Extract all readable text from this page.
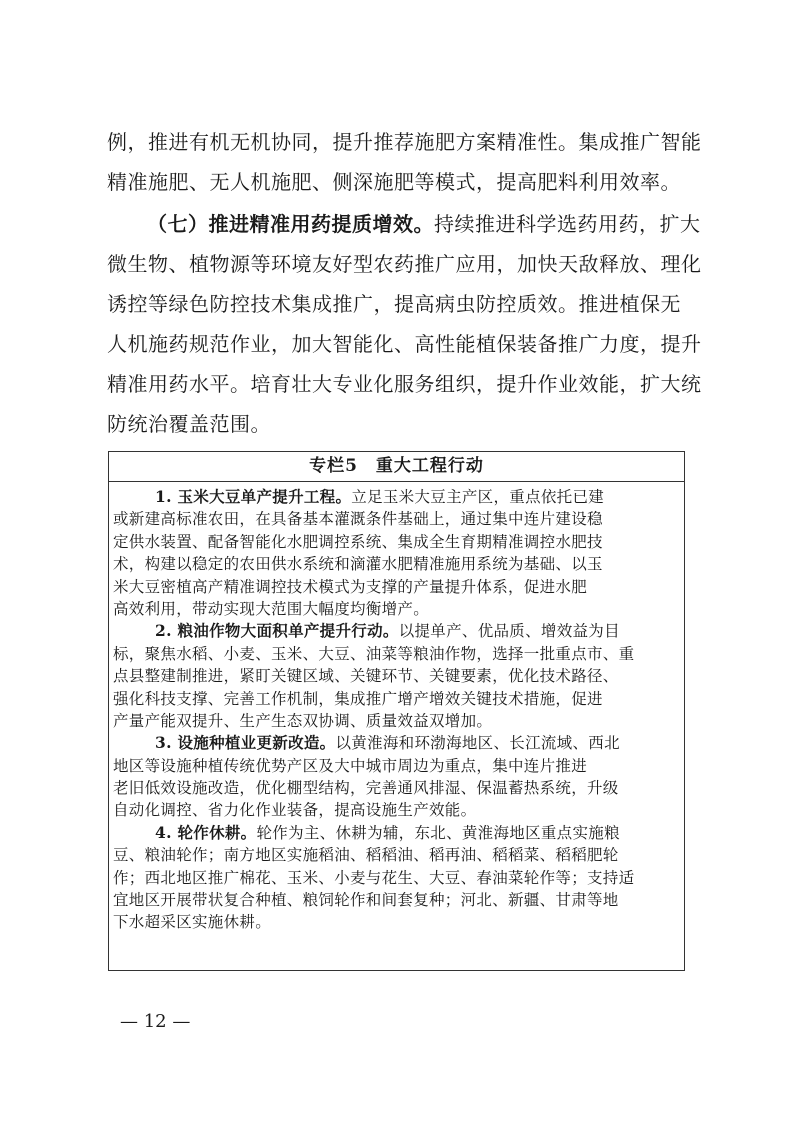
例，推进有机无机协同，提升推荐施肥方案精准性。集成推广智能
精准施肥、无人机施肥、侧深施肥等模式，提高肥料利用效率。
（七）推进精准用药提质增效。持续推进科学选药用药，扩大
微生物、植物源等环境友好型农药推广应用，加快天敌释放、理化
诱控等绿色防控技术集成推广，提高病虫防控质效。推进植保无
人机施药规范作业，加大智能化、高性能植保装备推广力度，提升
精准用药水平。培育壮大专业化服务组织，提升作业效能，扩大统
防统治覆盖范围。
专栏5　重大工程行动
1. 玉米大豆单产提升工程。立足玉米大豆主产区，重点依托已建
或新建高标准农田，在具备基本灌溉条件基础上，通过集中连片建设稳
定供水装置、配备智能化水肥调控系统、集成全生育期精准调控水肥技
术，构建以稳定的农田供水系统和滴灌水肥精准施用系统为基础、以玉
米大豆密植高产精准调控技术模式为支撑的产量提升体系，促进水肥
高效利用，带动实现大范围大幅度均衡增产。
2. 粮油作物大面积单产提升行动。以提单产、优品质、增效益为目
标，聚焦水稻、小麦、玉米、大豆、油菜等粮油作物，选择一批重点市、重
点县整建制推进，紧盯关键区域、关键环节、关键要素，优化技术路径、
强化科技支撑、完善工作机制，集成推广增产增效关键技术措施，促进
产量产能双提升、生产生态双协调、质量效益双增加。
3. 设施种植业更新改造。以黄淮海和环渤海地区、长江流域、西北
地区等设施种植传统优势产区及大中城市周边为重点，集中连片推进
老旧低效设施改造，优化棚型结构，完善通风排湿、保温蓄热系统，升级
自动化调控、省力化作业装备，提高设施生产效能。
4. 轮作休耕。轮作为主、休耕为辅，东北、黄淮海地区重点实施粮
豆、粮油轮作；南方地区实施稻油、稻稻油、稻再油、稻稻菜、稻稻肥轮
作；西北地区推广棉花、玉米、小麦与花生、大豆、春油菜轮作等；支持适
宜地区开展带状复合种植、粮饲轮作和间套复种；河北、新疆、甘肃等地
下水超采区实施休耕。
— 12 —
